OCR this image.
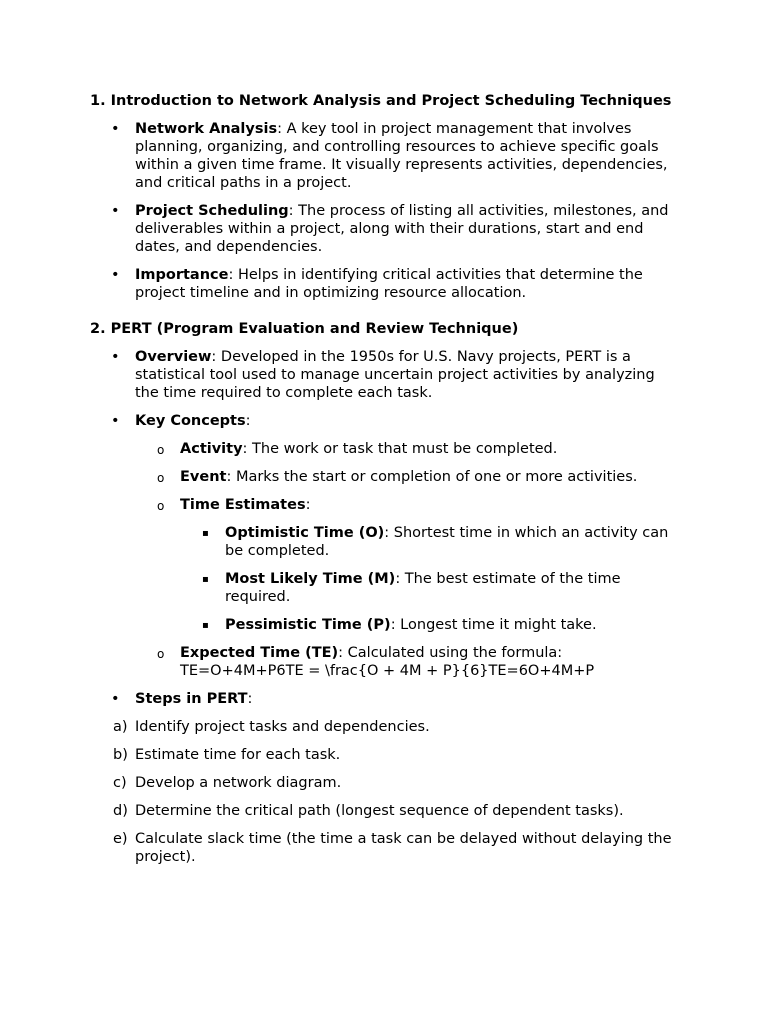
1. Introduction to Network Analysis and Project Scheduling Techniques

• Network Analysis: A key tool in project management that involves planning, organizing, and controlling resources to achieve specific goals within a given time frame. It visually represents activities, dependencies, and critical paths in a project.
• Project Scheduling: The process of listing all activities, milestones, and deliverables within a project, along with their durations, start and end dates, and dependencies.
• Importance: Helps in identifying critical activities that determine the project timeline and in optimizing resource allocation.

2. PERT (Program Evaluation and Review Technique)

• Overview: Developed in the 1950s for U.S. Navy projects, PERT is a statistical tool used to manage uncertain project activities by analyzing the time required to complete each task.
• Key Concepts:
o	Activity: The work or task that must be completed.
o	Event: Marks the start or completion of one or more activities.
o	Time Estimates:
▪	Optimistic Time (O): Shortest time in which an activity can be completed.
▪	Most Likely Time (M): The best estimate of the time required.
▪	Pessimistic Time (P): Longest time it might take.
o	Expected Time (TE): Calculated using the formula: TE=O+4M+P6TE = \frac{O + 4M + P}{6}TE=6O+4M+P
• Steps in PERT:
a) Identify project tasks and dependencies.
b) Estimate time for each task.
c) Develop a network diagram.
d) Determine the critical path (longest sequence of dependent tasks).
e) Calculate slack time (the time a task can be delayed without delaying the project).
